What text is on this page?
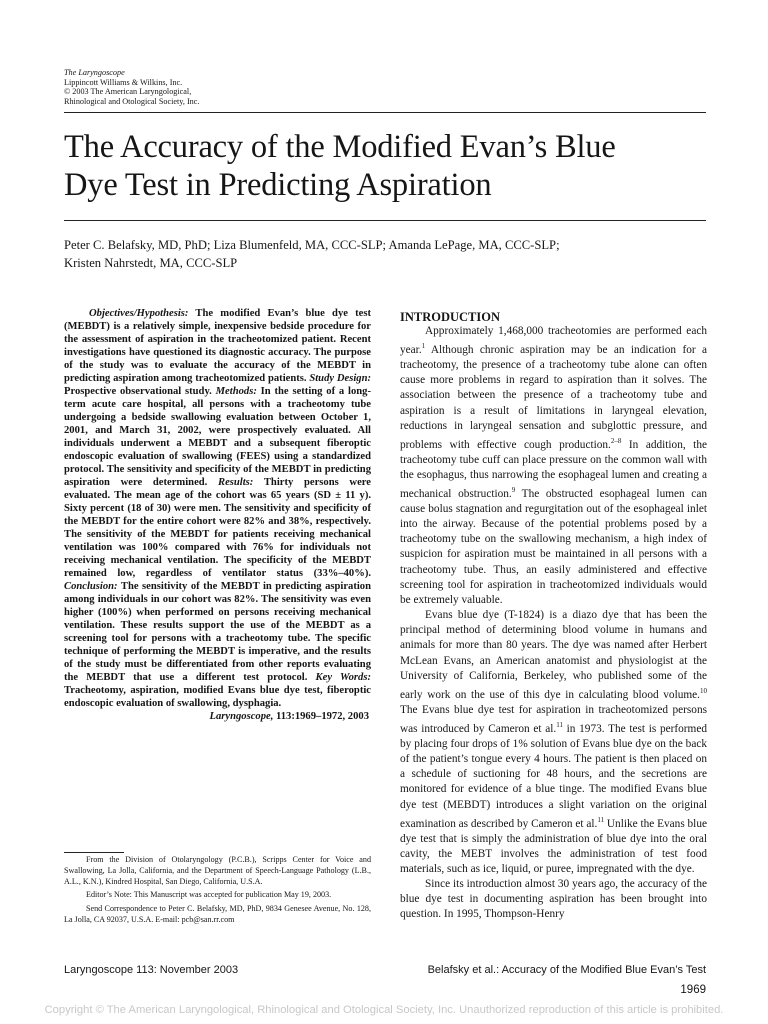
The Laryngoscope
Lippincott Williams & Wilkins, Inc.
© 2003 The American Laryngological,
Rhinological and Otological Society, Inc.
The Accuracy of the Modified Evan’s Blue
Dye Test in Predicting Aspiration
Peter C. Belafsky, MD, PhD; Liza Blumenfeld, MA, CCC-SLP; Amanda LePage, MA, CCC-SLP;
Kristen Nahrstedt, MA, CCC-SLP

Objectives/Hypothesis: The modified Evan’s blue dye test (MEBDT) is a relatively simple, inexpensive bedside procedure for the assessment of aspiration in the tracheotomized patient. Recent investigations have questioned its diagnostic accuracy. The purpose of the study was to evaluate the accuracy of the MEBDT in predicting aspiration among tracheotomized patients. Study Design: Prospective observational study. Methods: In the setting of a long-term acute care hospital, all persons with a tracheotomy tube undergoing a bedside swallowing evaluation between October 1, 2001, and March 31, 2002, were prospectively evaluated. All individuals underwent a MEBDT and a subsequent fiberoptic endoscopic evaluation of swallowing (FEES) using a standardized protocol. The sensitivity and specificity of the MEBDT in predicting aspiration were determined. Results: Thirty persons were evaluated. The mean age of the cohort was 65 years (SD ± 11 y). Sixty percent (18 of 30) were men. The sensitivity and specificity of the MEBDT for the entire cohort were 82% and 38%, respectively. The sensitivity of the MEBDT for patients receiving mechanical ventilation was 100% compared with 76% for individuals not receiving mechanical ventilation. The specificity of the MEBDT remained low, regardless of ventilator status (33%–40%). Conclusion: The sensitivity of the MEBDT in predicting aspiration among individuals in our cohort was 82%. The sensitivity was even higher (100%) when performed on persons receiving mechanical ventilation. These results support the use of the MEBDT as a screening tool for persons with a tracheotomy tube. The specific technique of performing the MEBDT is imperative, and the results of the study must be differentiated from other reports evaluating the MEBDT that use a different test protocol. Key Words: Tracheotomy, aspiration, modified Evans blue dye test, fiberoptic endoscopic evaluation of swallowing, dysphagia.

Laryngoscope, 113:1969–1972, 2003

From the Division of Otolaryngology (P.C.B.), Scripps Center for Voice and Swallowing, La Jolla, California, and the Department of Speech-Language Pathology (L.B., A.L., K.N.), Kindred Hospital, San Diego, California, U.S.A.

Editor’s Note: This Manuscript was accepted for publication May 19, 2003.

Send Correspondence to Peter C. Belafsky, MD, PhD, 9834 Genesee Avenue, No. 128, La Jolla, CA 92037, U.S.A. E-mail: pcb@san.rr.com

INTRODUCTION

Approximately 1,468,000 tracheotomies are performed each year.$^1$ Although chronic aspiration may be an indication for a tracheotomy, the presence of a tracheotomy tube alone can often cause more problems in regard to aspiration than it solves. The association between the presence of a tracheotomy tube and aspiration is a result of limitations in laryngeal elevation, reductions in laryngeal sensation and subglottic pressure, and problems with effective cough production.$^{2-8}$ In addition, the tracheotomy tube cuff can place pressure on the common wall with the esophagus, thus narrowing the esophageal lumen and creating a mechanical obstruction.$^9$ The obstructed esophageal lumen can cause bolus stagnation and regurgitation out of the esophageal inlet into the airway. Because of the potential problems posed by a tracheotomy tube on the swallowing mechanism, a high index of suspicion for aspiration must be maintained in all persons with a tracheotomy tube. Thus, an easily administered and effective screening tool for aspiration in tracheotomized individuals would be extremely valuable.

Evans blue dye (T-1824) is a diazo dye that has been the principal method of determining blood volume in humans and animals for more than 80 years. The dye was named after Herbert McLean Evans, an American anatomist and physiologist at the University of California, Berkeley, who published some of the early work on the use of this dye in calculating blood volume.$^{10}$ The Evans blue dye test for aspiration in tracheotomized persons was introduced by Cameron et al.$^{11}$ in 1973. The test is performed by placing four drops of 1% solution of Evans blue dye on the back of the patient’s tongue every 4 hours. The patient is then placed on a schedule of suctioning for 48 hours, and the secretions are monitored for evidence of a blue tinge. The modified Evans blue dye test (MEBDT) introduces a slight variation on the original examination as described by Cameron et al.$^{11}$ Unlike the Evans blue dye test that is simply the administration of blue dye into the oral cavity, the MEBT involves the administration of test food materials, such as ice, liquid, or puree, impregnated with the dye.

Since its introduction almost 30 years ago, the accuracy of the blue dye test in documenting aspiration has been brought into question. In 1995, Thompson-Henry

Laryngoscope 113: November 2003	Belafsky et al.: Accuracy of the Modified Blue Evan’s Test
1969
Copyright © The American Laryngological, Rhinological and Otological Society, Inc. Unauthorized reproduction of this article is prohibited.
